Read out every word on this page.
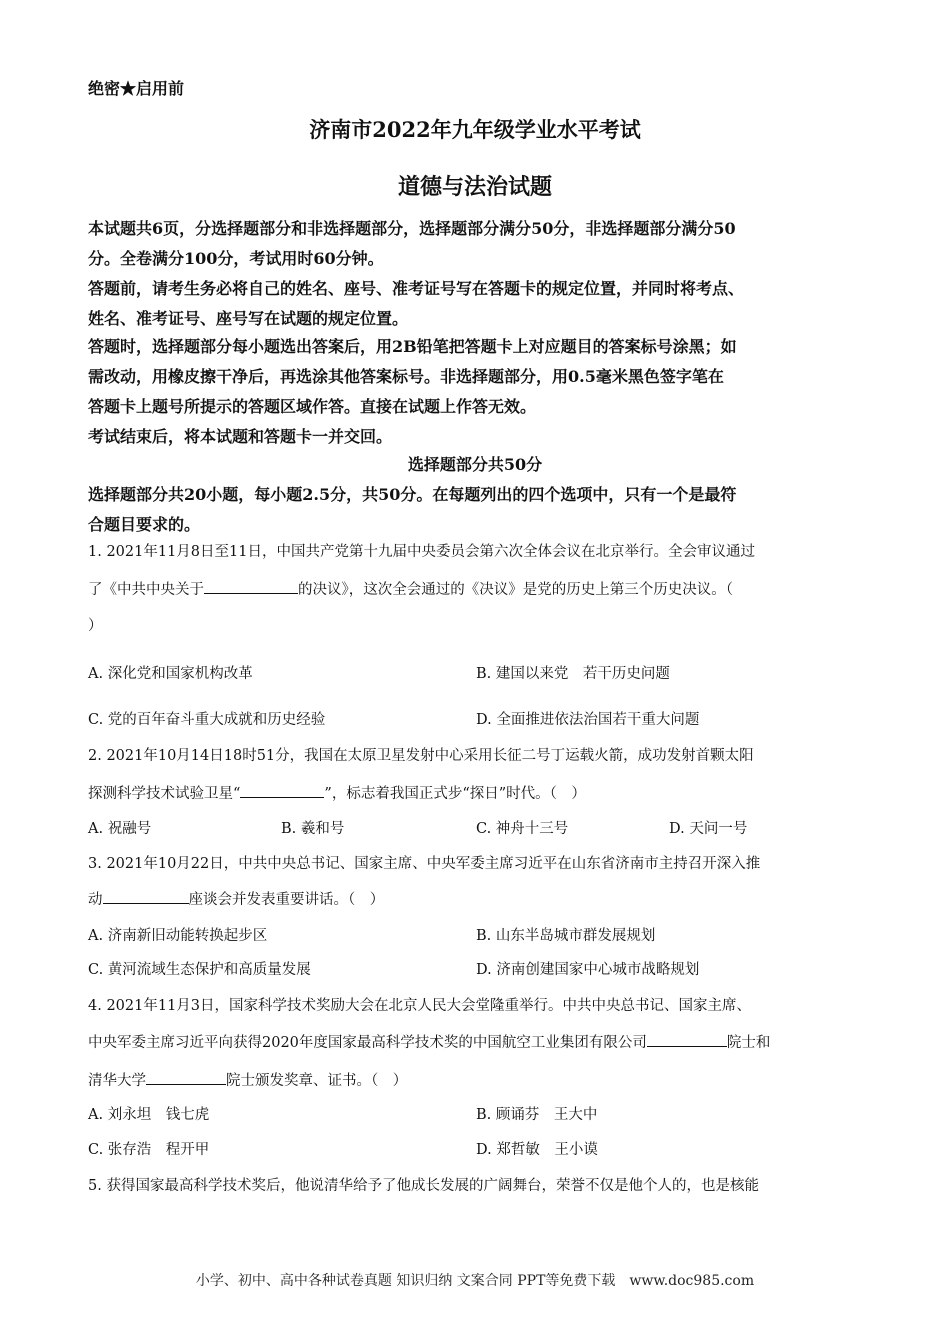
绝密★启用前
济南市2022年九年级学业水平考试
道德与法治试题
本试题共6页，分选择题部分和非选择题部分，选择题部分满分50分，非选择题部分满分50
分。全卷满分100分，考试用时60分钟。
答题前，请考生务必将自己的姓名、座号、准考证号写在答题卡的规定位置，并同时将考点、
姓名、准考证号、座号写在试题的规定位置。
答题时，选择题部分每小题选出答案后，用2B铅笔把答题卡上对应题目的答案标号涂黑；如
需改动，用橡皮擦干净后，再选涂其他答案标号。非选择题部分，用0.5毫米黑色签字笔在
答题卡上题号所提示的答题区域作答。直接在试题上作答无效。
考试结束后，将本试题和答题卡一并交回。
选择题部分共50分
选择题部分共20小题，每小题2.5分，共50分。在每题列出的四个选项中，只有一个是最符
合题目要求的。
1. 2021年11月8日至11日，中国共产党第十九届中央委员会第六次全体会议在北京举行。全会审议通过
了《中共中央关于	的决议》，这次全会通过的《决议》是党的历史上第三个历史决议。（
）
A. 深化党和国家机构改革	B. 建国以来党　若干历史问题
C. 党的百年奋斗重大成就和历史经验	D. 全面推进依法治国若干重大问题
2. 2021年10月14日18时51分，我国在太原卫星发射中心采用长征二号丁运载火箭，成功发射首颗太阳
探测科学技术试验卫星“	”，标志着我国正式步“探日”时代。（　）
A. 祝融号	B. 羲和号	C. 神舟十三号	D. 天问一号
3. 2021年10月22日，中共中央总书记、国家主席、中央军委主席习近平在山东省济南市主持召开深入推
动	座谈会并发表重要讲话。（　）
A. 济南新旧动能转换起步区	B. 山东半岛城市群发展规划
C. 黄河流域生态保护和高质量发展	D. 济南创建国家中心城市战略规划
4. 2021年11月3日，国家科学技术奖励大会在北京人民大会堂隆重举行。中共中央总书记、国家主席、
中央军委主席习近平向获得2020年度国家最高科学技术奖的中国航空工业集团有限公司	院士和
清华大学	院士颁发奖章、证书。（　）
A. 刘永坦　钱七虎	B. 顾诵芬　王大中
C. 张存浩　程开甲	D. 郑哲敏　王小谟
5. 获得国家最高科学技术奖后，他说清华给予了他成长发展的广阔舞台，荣誉不仅是他个人的，也是核能
小学、初中、高中各种试卷真题 知识归纳 文案合同 PPT等免费下载　www.doc985.com
